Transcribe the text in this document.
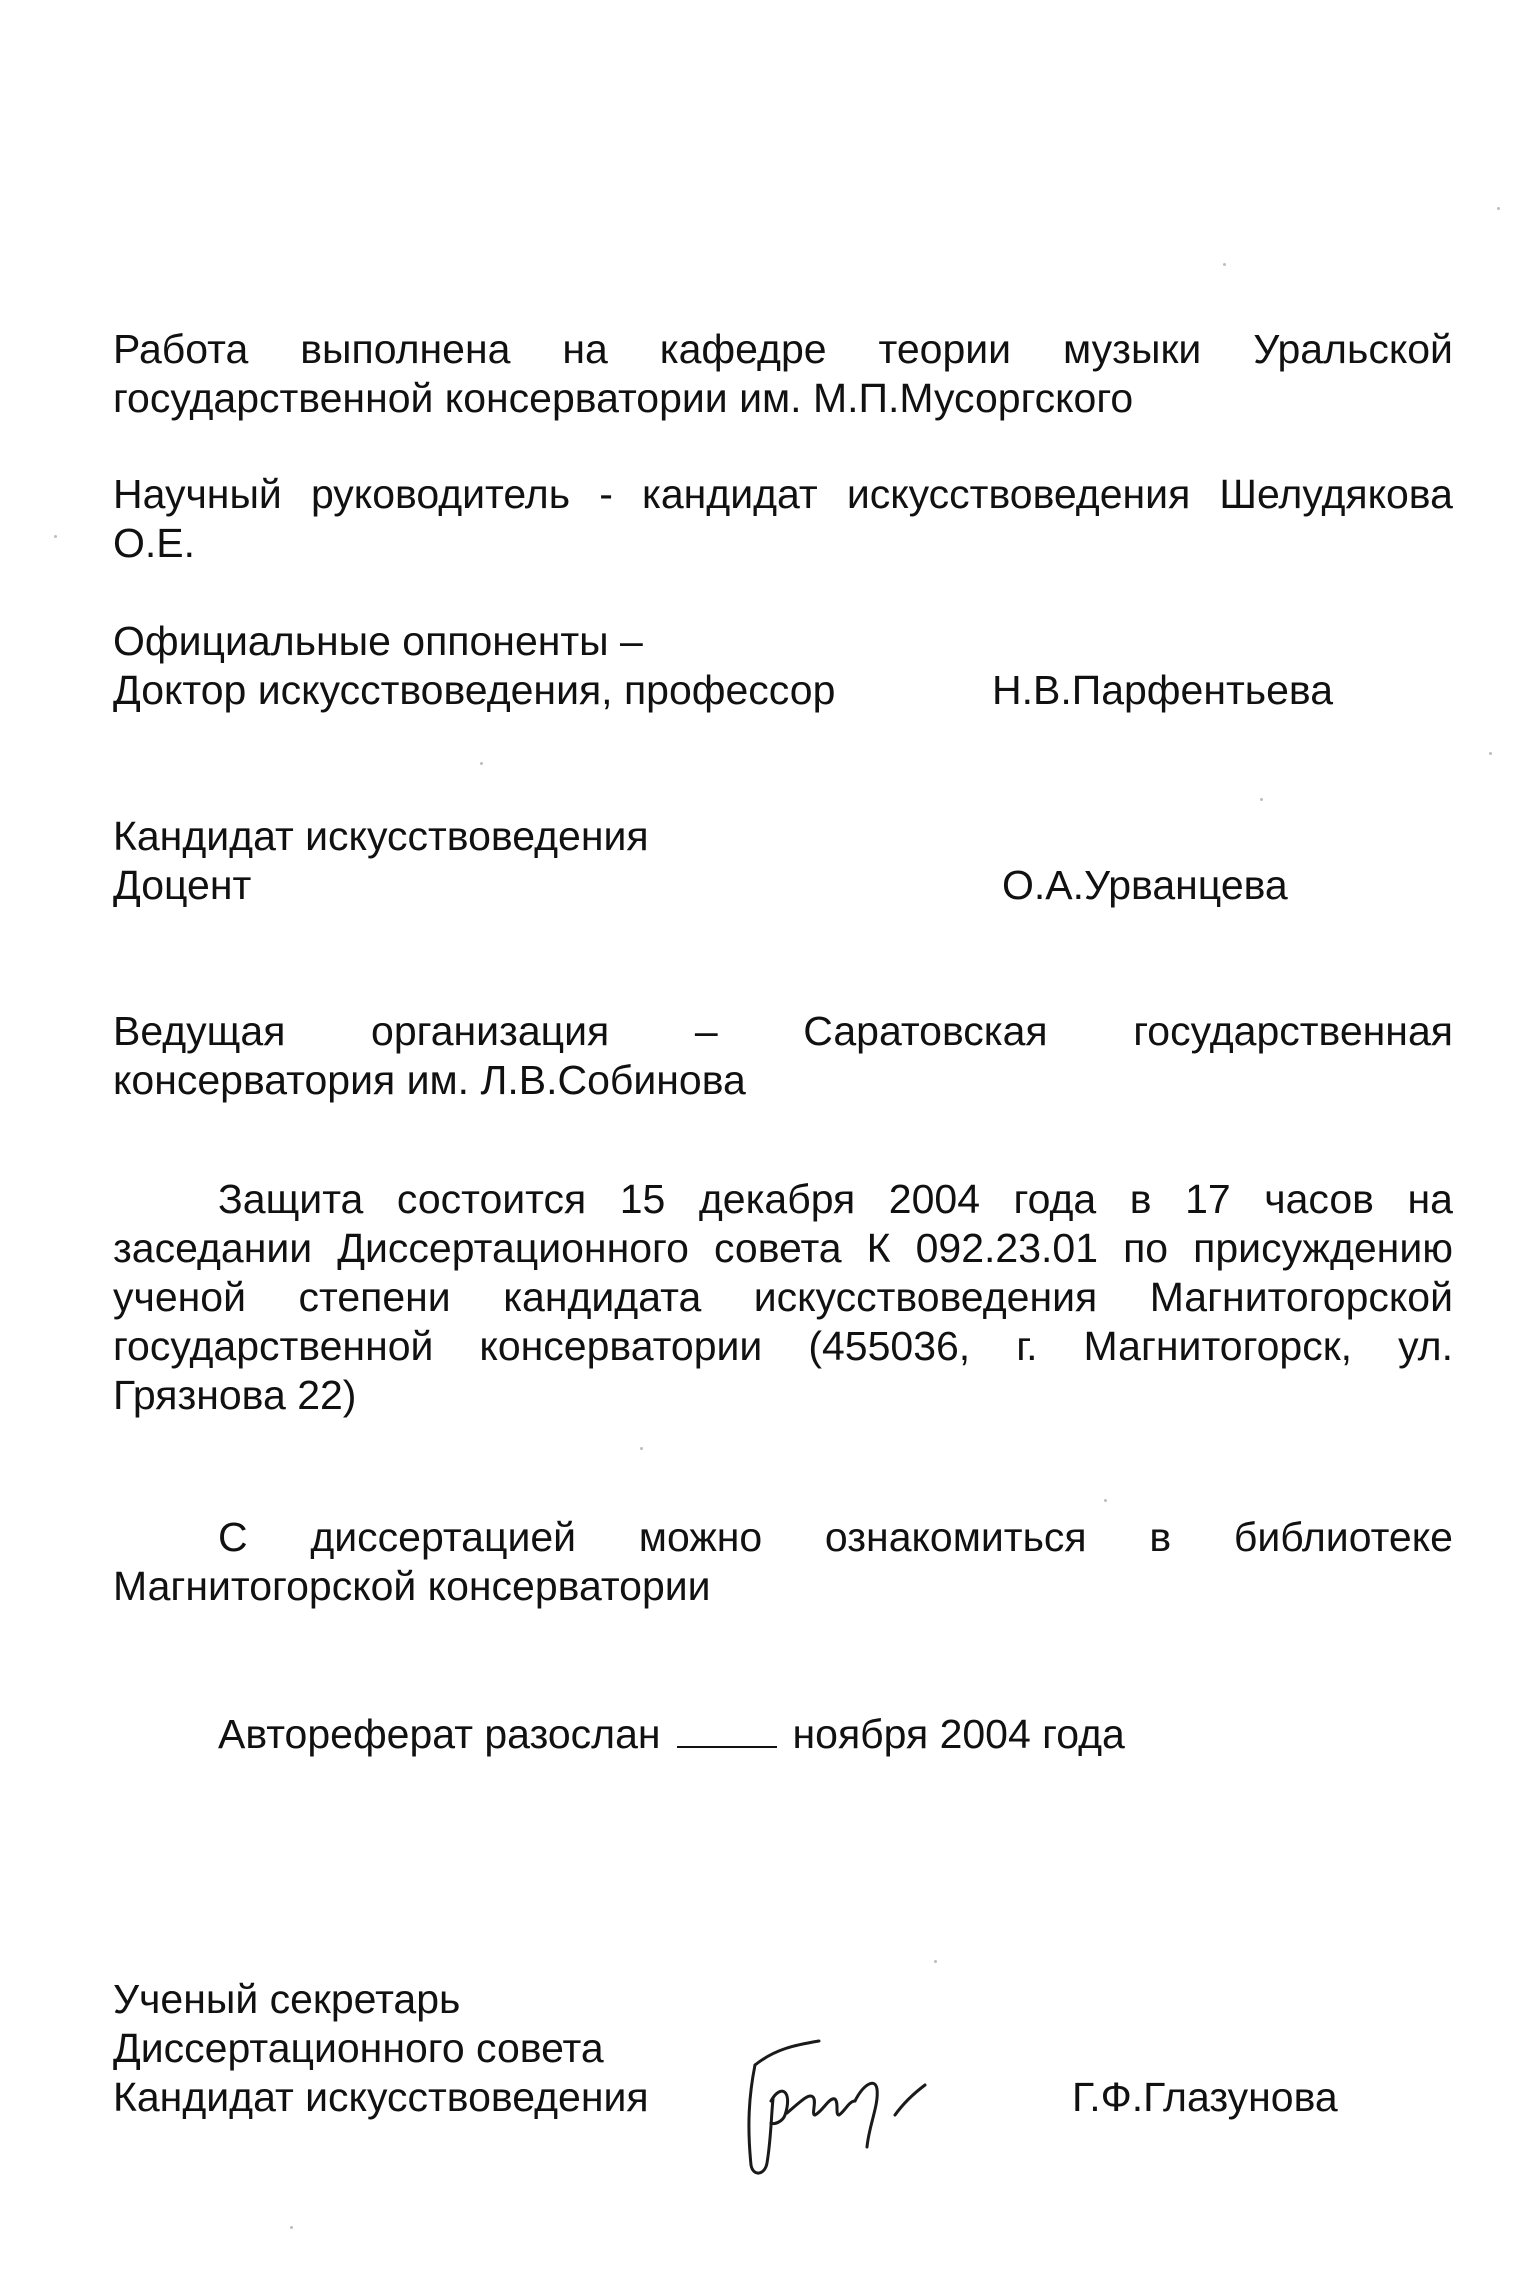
Работа выполнена на кафедре теории музыки Уральской
государственной консерватории им. М.П.Мусоргского
Научный руководитель - кандидат искусствоведения Шелудякова
О.Е.
Официальные оппоненты –
Доктор искусствоведения, профессор	Н.В.Парфентьева
Кандидат искусствоведения
Доцент	О.А.Урванцева
Ведущая организация – Саратовская государственная
консерватория им. Л.В.Собинова
Защита состоится 15 декабря 2004 года в 17 часов на
заседании Диссертационного совета К 092.23.01 по присуждению
ученой степени кандидата искусствоведения Магнитогорской
государственной консерватории (455036, г. Магнитогорск, ул.
Грязнова 22)
С диссертацией можно ознакомиться в библиотеке
Магнитогорской консерватории
Автореферат разослан	ноября 2004 года
Ученый секретарь
Диссертационного совета
Кандидат искусствоведения	Г.Ф.Глазунова
